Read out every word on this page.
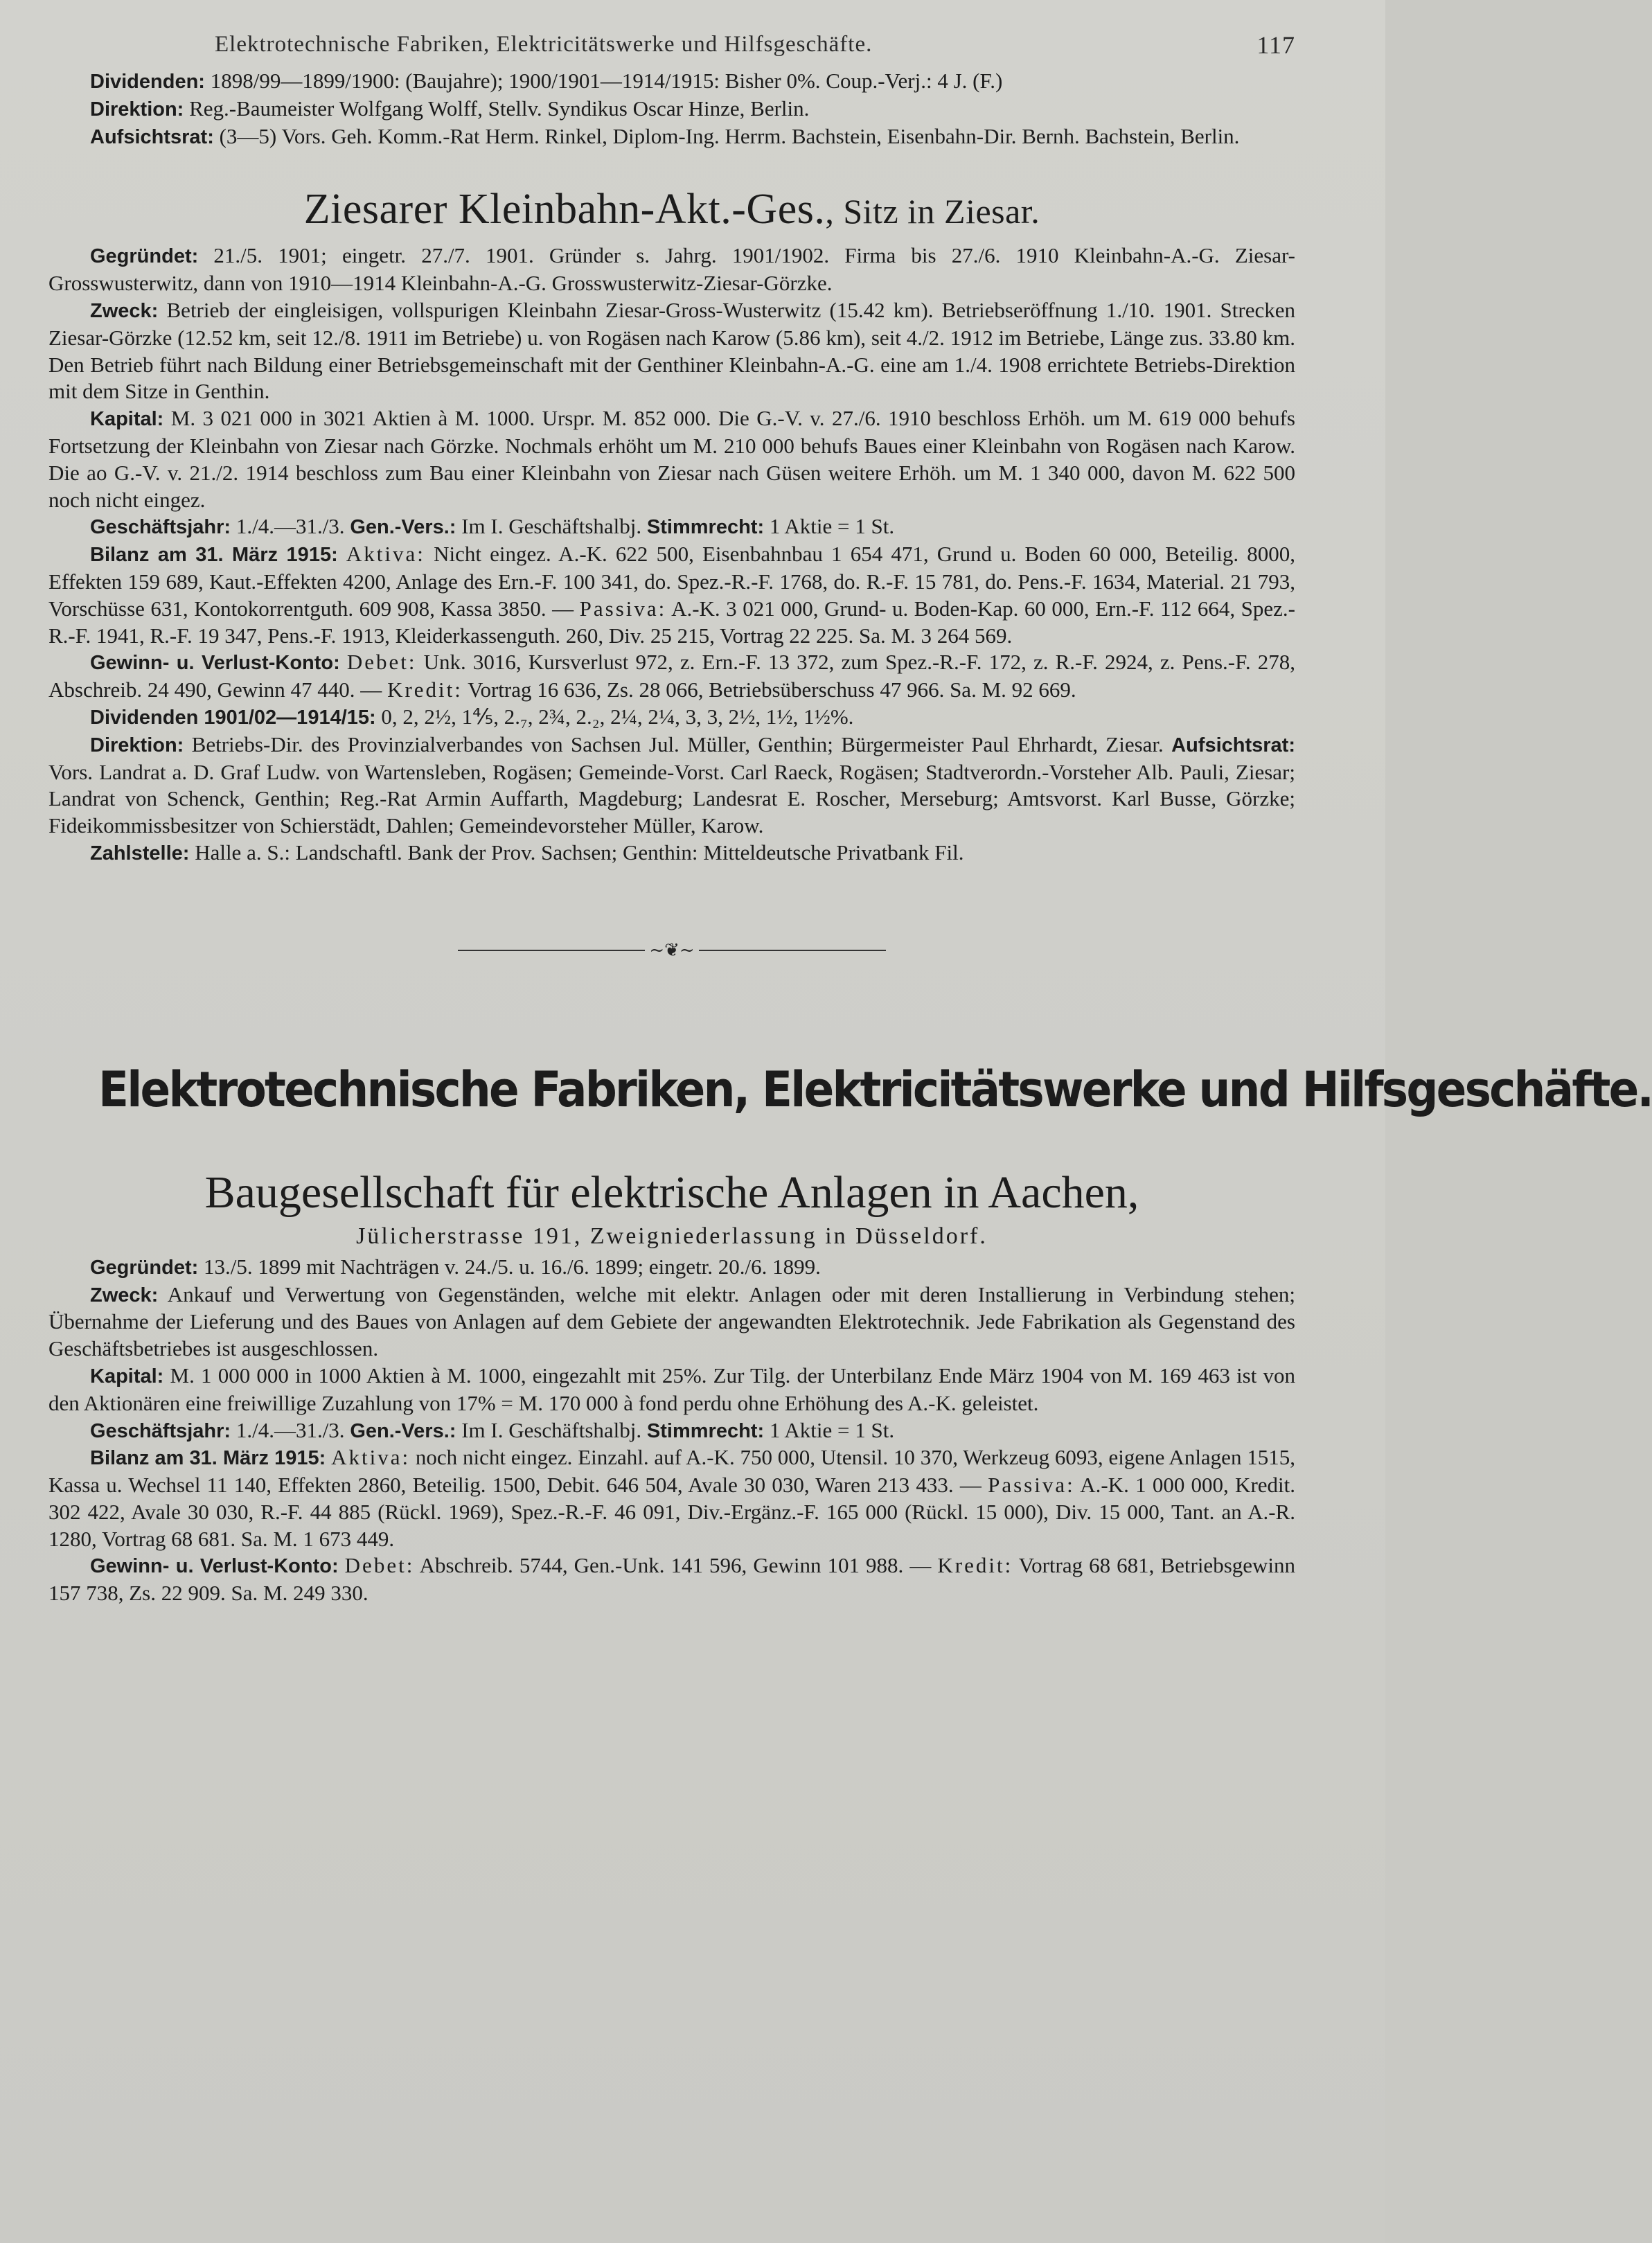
Elektrotechnische Fabriken, Elektricitätswerke und Hilfsgeschäfte.	117

Dividenden: 1898/99—1899/1900: (Baujahre); 1900/1901—1914/1915: Bisher 0%. Coup.-Verj.: 4 J. (F.)

Direktion: Reg.-Baumeister Wolfgang Wolff, Stellv. Syndikus Oscar Hinze, Berlin.

Aufsichtsrat: (3—5) Vors. Geh. Komm.-Rat Herm. Rinkel, Diplom-Ing. Herrm. Bachstein, Eisenbahn-Dir. Bernh. Bachstein, Berlin.

Ziesarer Kleinbahn-Akt.-Ges., Sitz in Ziesar.

Gegründet: 21./5. 1901; eingetr. 27./7. 1901. Gründer s. Jahrg. 1901/1902. Firma bis 27./6. 1910 Kleinbahn-A.-G. Ziesar-Grosswusterwitz, dann von 1910—1914 Kleinbahn-A.-G. Grosswusterwitz-Ziesar-Görzke.

Zweck: Betrieb der eingleisigen, vollspurigen Kleinbahn Ziesar-Gross-Wusterwitz (15.42 km). Betriebseröffnung 1./10. 1901. Strecken Ziesar-Görzke (12.52 km, seit 12./8. 1911 im Betriebe) u. von Rogäsen nach Karow (5.86 km), seit 4./2. 1912 im Betriebe, Länge zus. 33.80 km. Den Betrieb führt nach Bildung einer Betriebsgemeinschaft mit der Genthiner Kleinbahn-A.-G. eine am 1./4. 1908 errichtete Betriebs-Direktion mit dem Sitze in Genthin.

Kapital: M. 3 021 000 in 3021 Aktien à M. 1000. Urspr. M. 852 000. Die G.-V. v. 27./6. 1910 beschloss Erhöh. um M. 619 000 behufs Fortsetzung der Kleinbahn von Ziesar nach Görzke. Nochmals erhöht um M. 210 000 behufs Baues einer Kleinbahn von Rogäsen nach Karow. Die ao G.-V. v. 21./2. 1914 beschloss zum Bau einer Kleinbahn von Ziesar nach Güsen weitere Erhöh. um M. 1 340 000, davon M. 622 500 noch nicht eingez.

Geschäftsjahr: 1./4.—31./3. Gen.-Vers.: Im I. Geschäftshalbj. Stimmrecht: 1 Aktie = 1 St.

Bilanz am 31. März 1915: Aktiva: Nicht eingez. A.-K. 622 500, Eisenbahnbau 1 654 471, Grund u. Boden 60 000, Beteilig. 8000, Effekten 159 689, Kaut.-Effekten 4200, Anlage des Ern.-F. 100 341, do. Spez.-R.-F. 1768, do. R.-F. 15 781, do. Pens.-F. 1634, Material. 21 793, Vorschüsse 631, Kontokorrentguth. 609 908, Kassa 3850. — Passiva: A.-K. 3 021 000, Grund- u. Boden-Kap. 60 000, Ern.-F. 112 664, Spez.-R.-F. 1941, R.-F. 19 347, Pens.-F. 1913, Kleiderkassenguth. 260, Div. 25 215, Vortrag 22 225. Sa. M. 3 264 569.

Gewinn- u. Verlust-Konto: Debet: Unk. 3016, Kursverlust 972, z. Ern.-F. 13 372, zum Spez.-R.-F. 172, z. R.-F. 2924, z. Pens.-F. 278, Abschreib. 24 490, Gewinn 47 440. — Kredit: Vortrag 16 636, Zs. 28 066, Betriebsüberschuss 47 966. Sa. M. 92 669.

Dividenden 1901/02—1914/15: 0, 2, 2½, 1⅘, 2.₇, 2¾, 2.₂, 2¼, 2¼, 3, 3, 2½, 1½, 1½%.

Direktion: Betriebs-Dir. des Provinzialverbandes von Sachsen Jul. Müller, Genthin; Bürgermeister Paul Ehrhardt, Ziesar. Aufsichtsrat: Vors. Landrat a. D. Graf Ludw. von Wartensleben, Rogäsen; Gemeinde-Vorst. Carl Raeck, Rogäsen; Stadtverordn.-Vorsteher Alb. Pauli, Ziesar; Landrat von Schenck, Genthin; Reg.-Rat Armin Auffarth, Magdeburg; Landesrat E. Roscher, Merseburg; Amtsvorst. Karl Busse, Görzke; Fideikommissbesitzer von Schierstädt, Dahlen; Gemeindevorsteher Müller, Karow.

Zahlstelle: Halle a. S.: Landschaftl. Bank der Prov. Sachsen; Genthin: Mitteldeutsche Privatbank Fil.

~❦~
Elektrotechnische Fabriken, Elektricitätswerke und Hilfsgeschäfte.
Baugesellschaft für elektrische Anlagen in Aachen,
Jülicherstrasse 191, Zweigniederlassung in Düsseldorf.

Gegründet: 13./5. 1899 mit Nachträgen v. 24./5. u. 16./6. 1899; eingetr. 20./6. 1899.

Zweck: Ankauf und Verwertung von Gegenständen, welche mit elektr. Anlagen oder mit deren Installierung in Verbindung stehen; Übernahme der Lieferung und des Baues von Anlagen auf dem Gebiete der angewandten Elektrotechnik. Jede Fabrikation als Gegenstand des Geschäftsbetriebes ist ausgeschlossen.

Kapital: M. 1 000 000 in 1000 Aktien à M. 1000, eingezahlt mit 25%. Zur Tilg. der Unterbilanz Ende März 1904 von M. 169 463 ist von den Aktionären eine freiwillige Zuzahlung von 17% = M. 170 000 à fond perdu ohne Erhöhung des A.-K. geleistet.

Geschäftsjahr: 1./4.—31./3. Gen.-Vers.: Im I. Geschäftshalbj. Stimmrecht: 1 Aktie = 1 St.

Bilanz am 31. März 1915: Aktiva: noch nicht eingez. Einzahl. auf A.-K. 750 000, Utensil. 10 370, Werkzeug 6093, eigene Anlagen 1515, Kassa u. Wechsel 11 140, Effekten 2860, Beteilig. 1500, Debit. 646 504, Avale 30 030, Waren 213 433. — Passiva: A.-K. 1 000 000, Kredit. 302 422, Avale 30 030, R.-F. 44 885 (Rückl. 1969), Spez.-R.-F. 46 091, Div.-Ergänz.-F. 165 000 (Rückl. 15 000), Div. 15 000, Tant. an A.-R. 1280, Vortrag 68 681. Sa. M. 1 673 449.

Gewinn- u. Verlust-Konto: Debet: Abschreib. 5744, Gen.-Unk. 141 596, Gewinn 101 988. — Kredit: Vortrag 68 681, Betriebsgewinn 157 738, Zs. 22 909. Sa. M. 249 330.
